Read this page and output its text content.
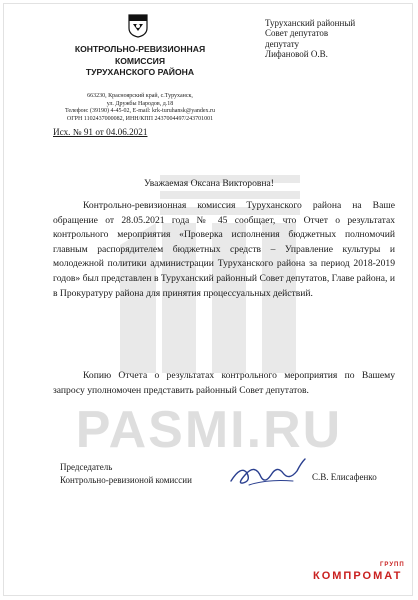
PASMI.RU
КОНТРОЛЬНО-РЕВИЗИОННАЯ
КОМИССИЯ
ТУРУХАНСКОГО РАЙОНА
663230, Красноярский край, с.Туруханск,
ул. Дружбы Народов, д.18
Телефон: (39190) 4-45-02, E-mail: krk-turuhansk@yandex.ru
ОГРН 1102437000082, ИНН/КПП 2437004497/243701001
Туруханский районный
Совет депутатов
депутату
Лифановой О.В.
Исх. № 91 от 04.06.2021
Уважаемая Оксана Викторовна!
Контрольно-ревизионная комиссия Туруханского района на Ваше обращение от 28.05.2021 года № 45 сообщает, что Отчет о результатах контрольного мероприятия «Проверка исполнения бюджетных полномочий главным распорядителем бюджетных средств – Управление культуры и молодежной политики администрации Туруханского района за период 2018-2019 годов» был представлен в Туруханский районный Совет депутатов, Главе района, и в Прокуратуру района для принятия процессуальных действий.
Копию Отчета о результатах контрольного мероприятия по Вашему запросу уполномочен представить районный Совет депутатов.
Председатель
Контрольно-ревизионой комиссии	С.В. Елисафенко
ГРУПП
КОМПРОМАТ
